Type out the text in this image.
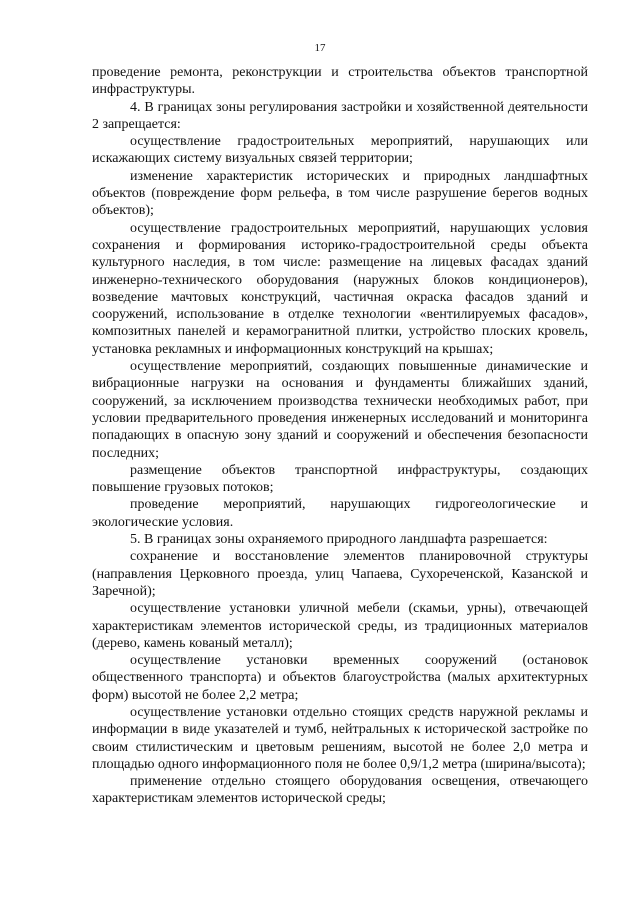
17

проведение ремонта, реконструкции и строительства объектов транспортной инфраструктуры.

4. В границах зоны регулирования застройки и хозяйственной деятельности 2 запрещается:

осуществление градостроительных мероприятий, нарушающих или искажающих систему визуальных связей территории;

изменение характеристик исторических и природных ландшафтных объектов (повреждение форм рельефа, в том числе разрушение берегов водных объектов);

осуществление градостроительных мероприятий, нарушающих условия сохранения и формирования историко-градостроительной среды объекта культурного наследия, в том числе: размещение на лицевых фасадах зданий инженерно-технического оборудования (наружных блоков кондиционеров), возведение мачтовых конструкций, частичная окраска фасадов зданий и сооружений, использование в отделке технологии «вентилируемых фасадов», композитных панелей и керамогранитной плитки, устройство плоских кровель, установка рекламных и информационных конструкций на крышах;

осуществление мероприятий, создающих повышенные динамические и вибрационные нагрузки на основания и фундаменты ближайших зданий, сооружений, за исключением производства технически необходимых работ, при условии предварительного проведения инженерных исследований и мониторинга попадающих в опасную зону зданий и сооружений и обеспечения безопасности последних;

размещение объектов транспортной инфраструктуры, создающих повышение грузовых потоков;

проведение мероприятий, нарушающих гидрогеологические и экологические условия.

5. В границах зоны охраняемого природного ландшафта разрешается:

сохранение и восстановление элементов планировочной структуры (направления Церковного проезда, улиц Чапаева, Сухореченской, Казанской и Заречной);

осуществление установки уличной мебели (скамьи, урны), отвечающей характеристикам элементов исторической среды, из традиционных материалов (дерево, камень кованый металл);

осуществление установки временных сооружений (остановок общественного транспорта) и объектов благоустройства (малых архитектурных форм) высотой не более 2,2 метра;

осуществление установки отдельно стоящих средств наружной рекламы и информации в виде указателей и тумб, нейтральных к исторической застройке по своим стилистическим и цветовым решениям, высотой не более 2,0 метра и площадью одного информационного поля не более 0,9/1,2 метра (ширина/высота);

применение отдельно стоящего оборудования освещения, отвечающего характеристикам элементов исторической среды;
